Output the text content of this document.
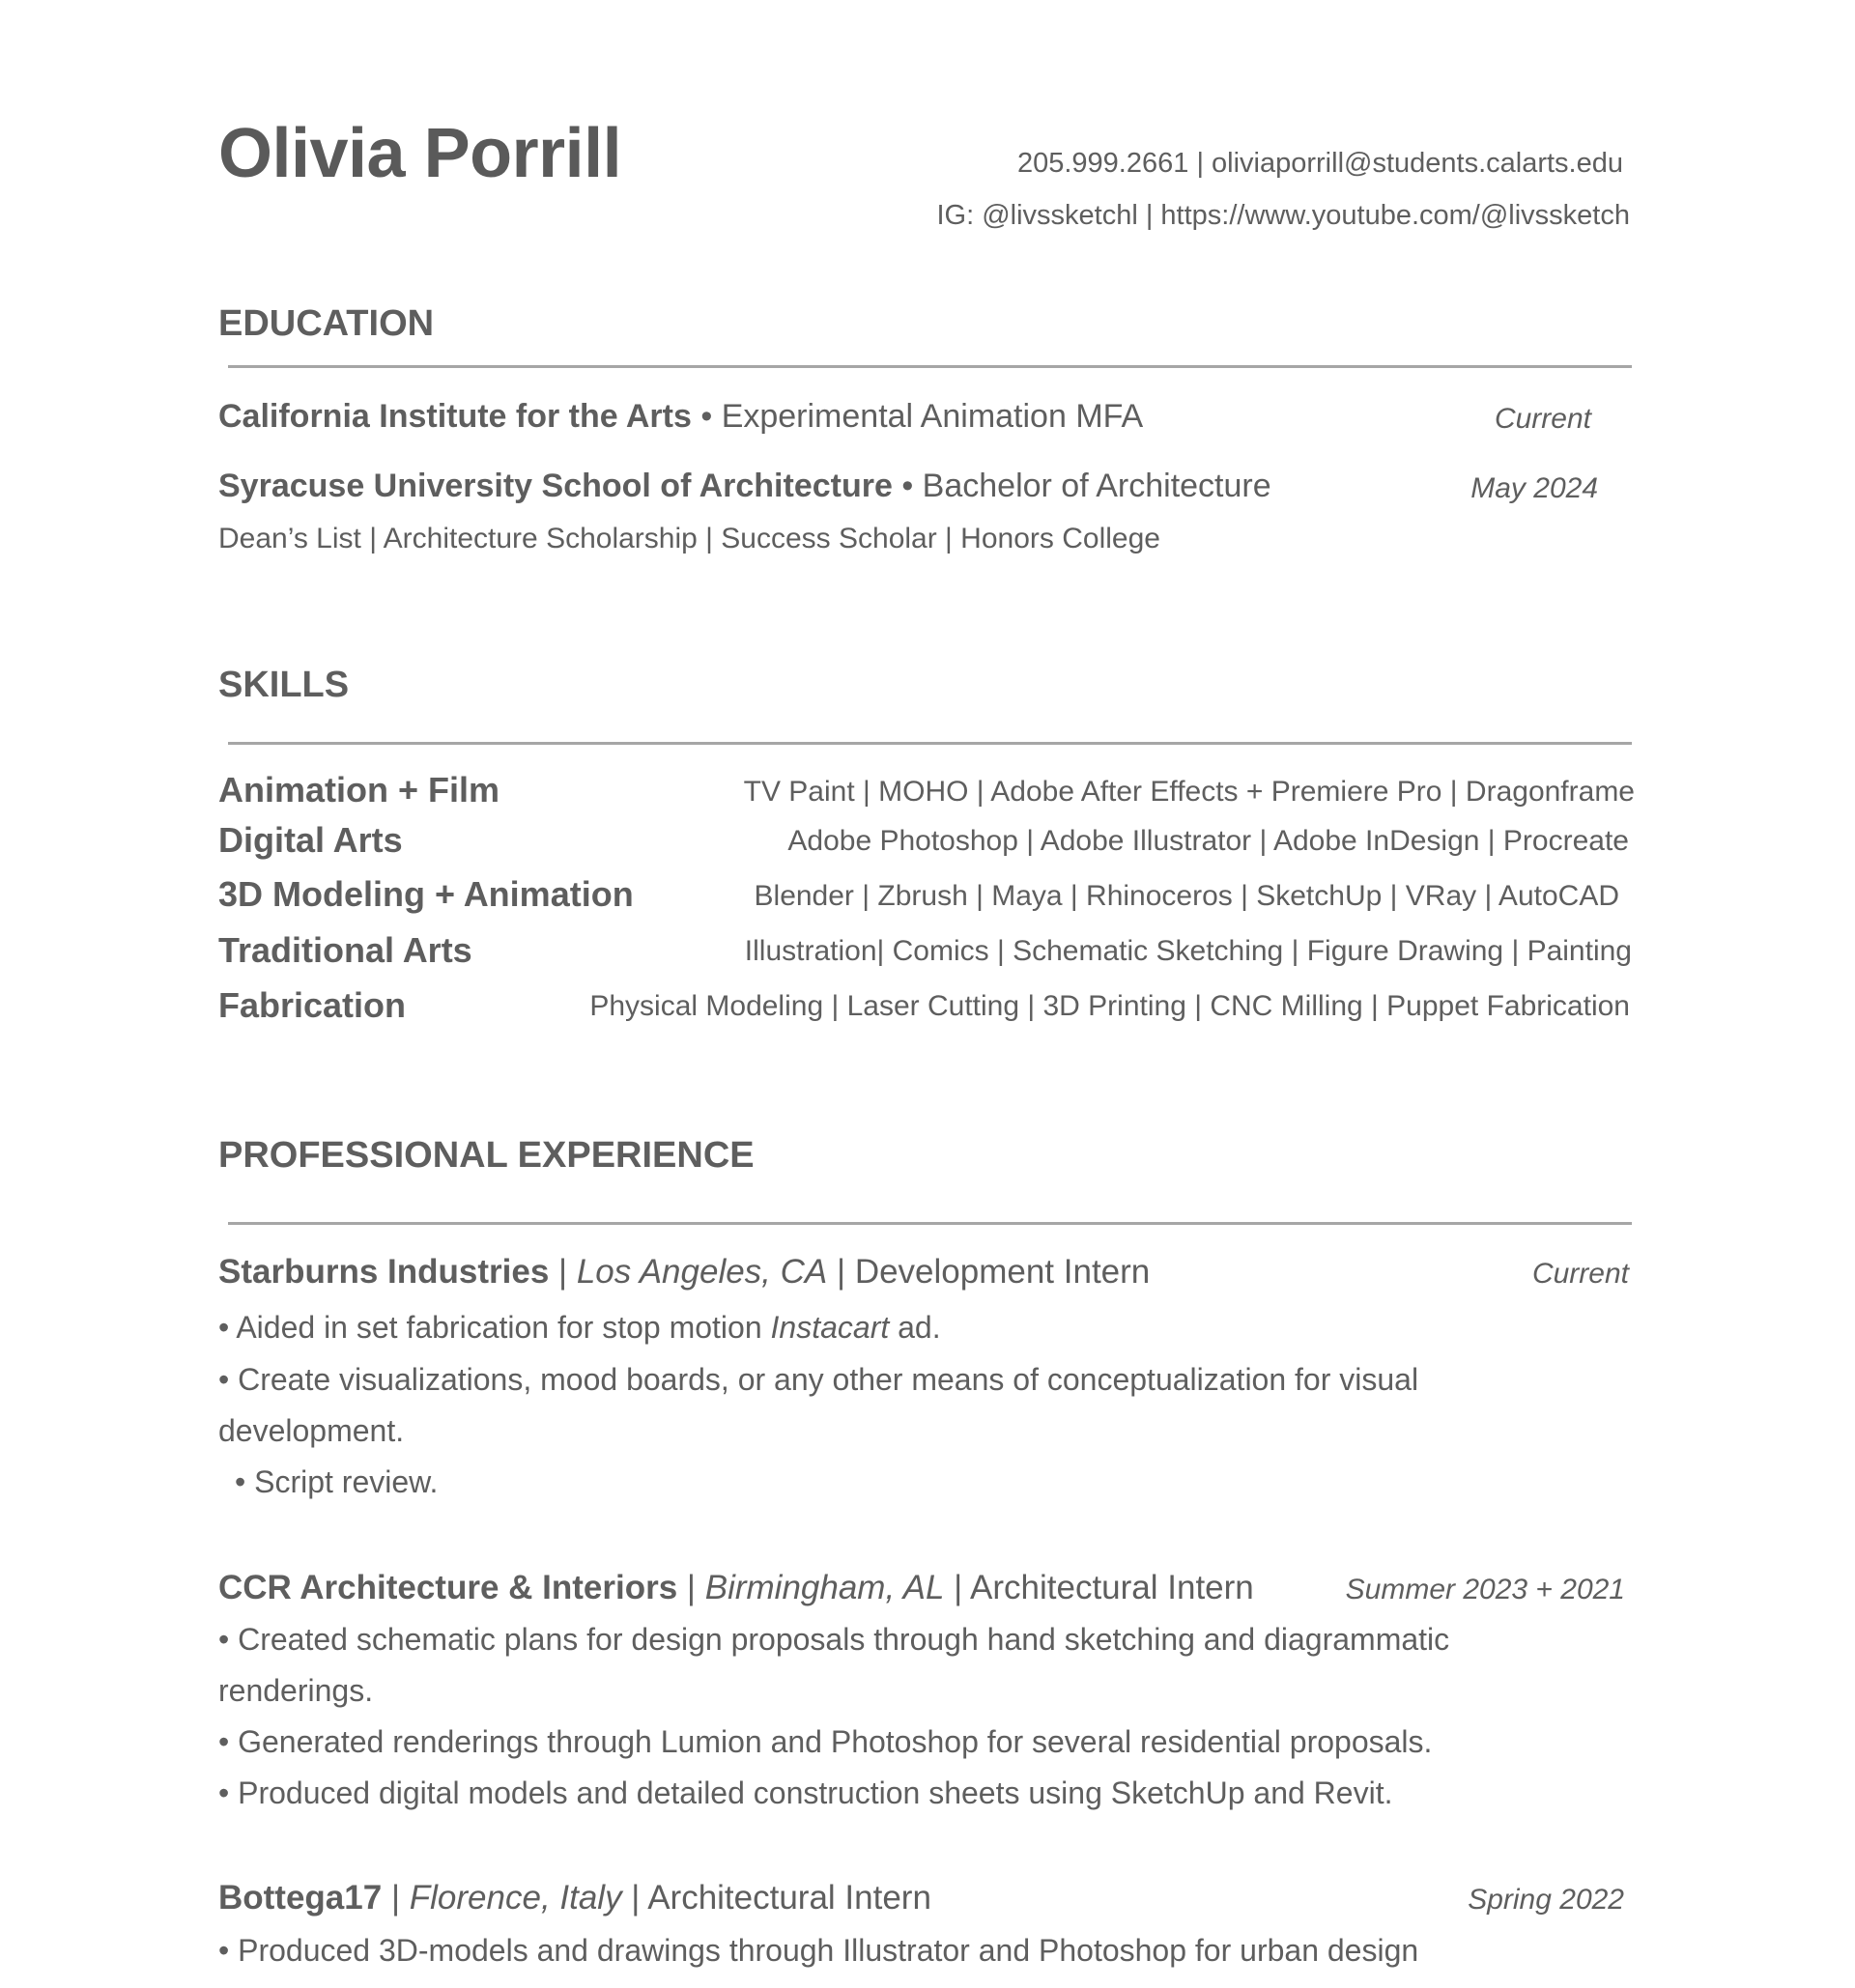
Olivia Porrill	205.999.2661 | oliviaporrill@students.calarts.edu
IG: @livssketchl | https://www.youtube.com/@livssketch
EDUCATION
California Institute for the Arts • Experimental Animation MFA	Current
Syracuse University School of Architecture • Bachelor of Architecture	May 2024
Dean’s List | Architecture Scholarship | Success Scholar | Honors College
SKILLS
Animation + Film	TV Paint | MOHO | Adobe After Effects + Premiere Pro | Dragonframe
Digital Arts	Adobe Photoshop | Adobe Illustrator | Adobe InDesign | Procreate
3D Modeling + Animation	Blender | Zbrush | Maya | Rhinoceros | SketchUp | VRay | AutoCAD
Traditional Arts	Illustration| Comics | Schematic Sketching | Figure Drawing | Painting
Fabrication	Physical Modeling | Laser Cutting | 3D Printing | CNC Milling | Puppet Fabrication
PROFESSIONAL EXPERIENCE
Starburns Industries | Los Angeles, CA | Development Intern	Current
• Aided in set fabrication for stop motion Instacart ad.
• Create visualizations, mood boards, or any other means of conceptualization for visual
development.
• Script review.
CCR Architecture & Interiors | Birmingham, AL | Architectural Intern	Summer 2023 + 2021
• Created schematic plans for design proposals through hand sketching and diagrammatic
renderings.
• Generated renderings through Lumion and Photoshop for several residential proposals.
• Produced digital models and detailed construction sheets using SketchUp and Revit.
Bottega17 | Florence, Italy | Architectural Intern	Spring 2022
• Produced 3D-models and drawings through Illustrator and Photoshop for urban design
